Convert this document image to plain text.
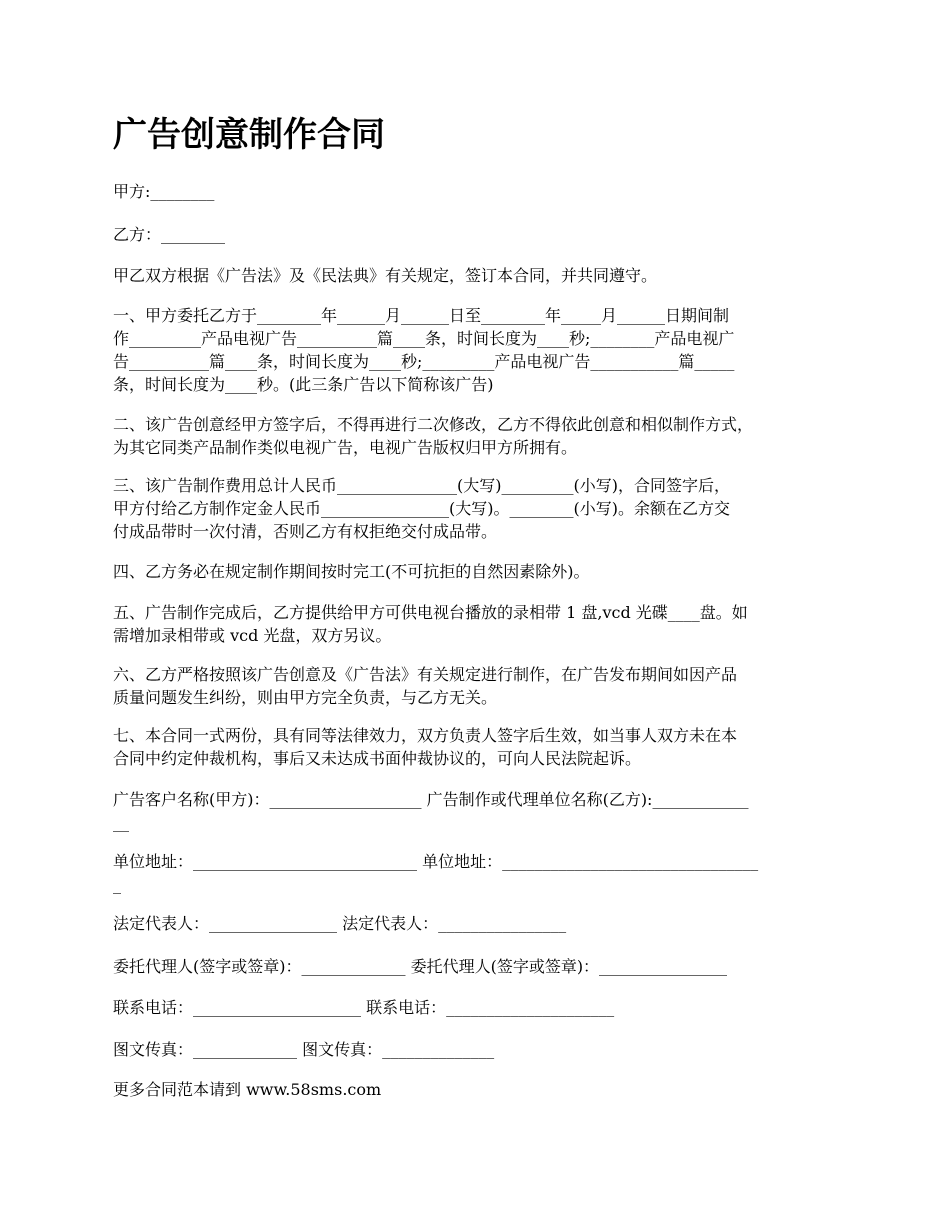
广告创意制作合同

甲方:________

乙方：________

甲乙双方根据《广告法》及《民法典》有关规定，签订本合同，并共同遵守。

一、甲方委托乙方于________年______月______日至________年_____月______日期间制
作_________产品电视广告__________篇____条，时间长度为____秒;________产品电视广
告__________篇____条，时间长度为____秒;_________产品电视广告___________篇_____
条，时间长度为____秒。(此三条广告以下简称该广告)

二、该广告创意经甲方签字后，不得再进行二次修改，乙方不得依此创意和相似制作方式，
为其它同类产品制作类似电视广告，电视广告版权归甲方所拥有。

三、该广告制作费用总计人民币_______________(大写)_________(小写)，合同签字后，
甲方付给乙方制作定金人民币________________(大写)。________(小写)。余额在乙方交
付成品带时一次付清，否则乙方有权拒绝交付成品带。

四、乙方务必在规定制作期间按时完工(不可抗拒的自然因素除外)。

五、广告制作完成后，乙方提供给甲方可供电视台播放的录相带 1 盘,vcd 光碟____盘。如
需增加录相带或 vcd 光盘，双方另议。

六、乙方严格按照该广告创意及《广告法》有关规定进行制作，在广告发布期间如因产品
质量问题发生纠纷，则由甲方完全负责，与乙方无关。

七、本合同一式两份，具有同等法律效力，双方负责人签字后生效，如当事人双方未在本
合同中约定仲裁机构，事后又未达成书面仲裁协议的，可向人民法院起诉。

广告客户名称(甲方)：___________________ 广告制作或代理单位名称(乙方):____________
__

单位地址：____________________________ 单位地址：________________________________
_

法定代表人：________________ 法定代表人：________________

委托代理人(签字或签章)：_____________ 委托代理人(签字或签章)：________________

联系电话：_____________________ 联系电话：_____________________

图文传真：_____________ 图文传真：______________

更多合同范本请到 www.58sms.com
